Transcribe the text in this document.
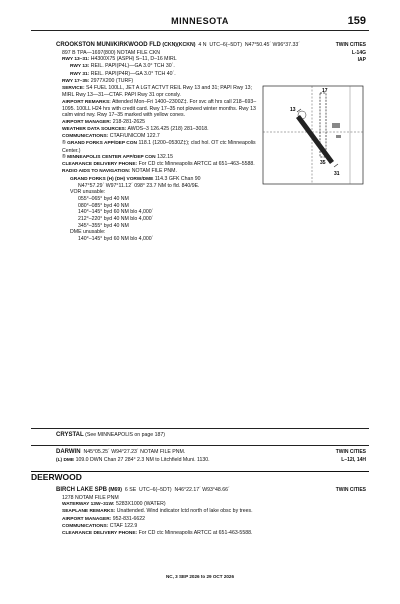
MINNESOTA	159
TWIN CITIES
L-14G
IAP
CROOKSTON MUNI/KIRKWOOD FLD (CKN)(KCKN) 4 N UTC–6(–5DT) N47°50.45´ W96°37.33´
897 B TPA—1697(800) NOTAM FILE CKN
RWY 13–31: H4300X75 (ASPH) S–11, D–16 MIRL
RWY 13: REIL. PAPI(P4L)—GA 3.0° TCH 30´.
RWY 31: REIL. PAPI(P4R)—GA 3.0° TCH 40´.
RWY 17–35: 2977X200 (TURF)
SERVICE: S4 FUEL 100LL, JET A LGT ACTVT REIL Rwy 13 and 31; PAPI Rwy 13; MIRL Rwy 13—31—CTAF. PAPI Rwy 31 opr consly.
AIRPORT REMARKS: Attended Mon–Fri 1400–2300Z‡. For svc aft hrs call 218–693–1095. 100LL H24 hrs with credit card. Rwy 17–35 not plowed winter months. Rwy 13 calm wind rwy. Rwy 17–35 marked with yellow cones.
AIRPORT MANAGER: 218-281-2625
WEATHER DATA SOURCES: AWOS–3 126.425 (218) 281–3018.
COMMUNICATIONS: CTAF/UNICOM 122.7
® GRAND FORKS APP/DEP CON 118.1 (1200–0530Z‡); clsd hol. OT ctc Minneapolis Center.)
® MINNEAPOLIS CENTER APP/DEP CON 132.15
CLEARANCE DELIVERY PHONE: For CD ctc Minneapolis ARTCC at 651–463–5588.
RADIO AIDS TO NAVIGATION: NOTAM FILE PNM.
GRAND FORKS (H) (DH) VORW/DME 114.3 GFK Chan 90
N47°57.29´ W97°11.12´ 098° 23.7 NM to fld. 840/9E.
VOR unusable:
055°–065° byd 40 NM
080°–085° byd 40 NM
140°–145° byd 60 NM blo 4,000´
212°–220° byd 40 NM blo 4,000´
345°–355° byd 40 NM
DME unusable:
140°–145° byd 60 NM blo 4,000´
17
35
13
31
CRYSTAL (See MINNEAPOLIS on page 187)
TWIN CITIES
L–12I, 14H
DARWIN N45°05.25´ W94°27.23´ NOTAM FILE PNM.
(L) DME 109.0 DWN Chan 27 284° 2.3 NM to Litchfield Muni. 1130.
DEERWOOD
TWIN CITIES
BIRCH LAKE SPB (M69) 6 SE UTC–6(–5DT) N46°22.17´ W93°48.66´
1278 NOTAM FILE PNM
WATERWAY 13W–31W: 5283X1000 (WATER)
SEAPLANE REMARKS: Unattended. Wind indicator lctd north of lake obsc by trees.
AIRPORT MANAGER: 952-831-6622
COMMUNICATIONS: CTAF 122.9
CLEARANCE DELIVERY PHONE: For CD ctc Minneapolis ARTCC at 651-463-5588.
NC, 3 SEP 2026 to 29 OCT 2026
